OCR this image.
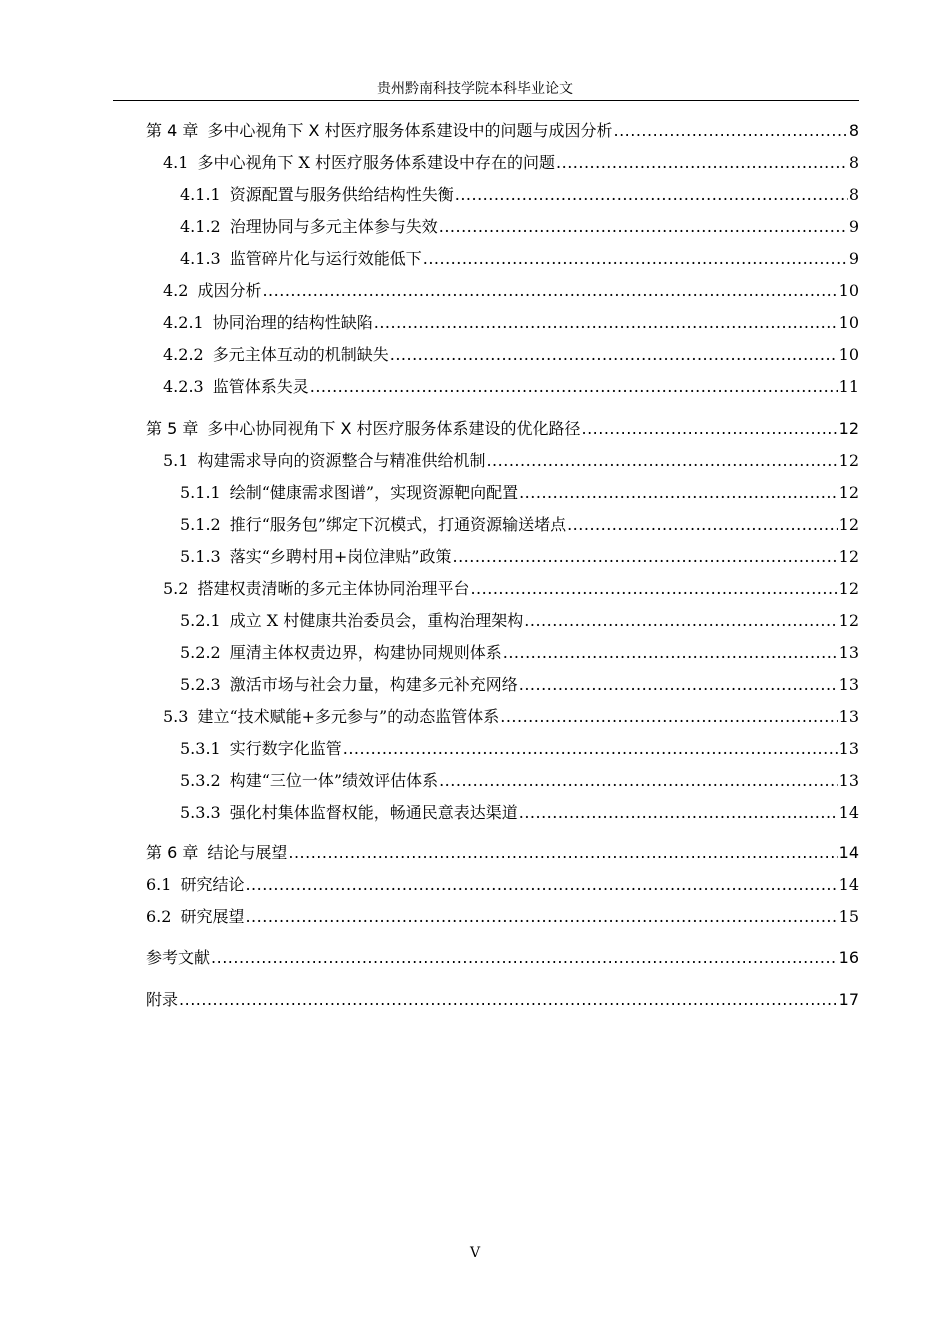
贵州黔南科技学院本科毕业论文
第 4 章 多中心视角下 X 村医疗服务体系建设中的问题与成因分析 .....	8
4.1 多中心视角下 X 村医疗服务体系建设中存在的问题 .....	8
4.1.1 资源配置与服务供给结构性失衡 .....	8
4.1.2 治理协同与多元主体参与失效 .....	9
4.1.3 监管碎片化与运行效能低下 .....	9
4.2 成因分析 .....	10
4.2.1 协同治理的结构性缺陷 .....	10
4.2.2 多元主体互动的机制缺失 .....	10
4.2.3 监管体系失灵 .....	11
第 5 章 多中心协同视角下 X 村医疗服务体系建设的优化路径 .....	12
5.1 构建需求导向的资源整合与精准供给机制 .....	12
5.1.1 绘制“健康需求图谱”，实现资源靶向配置 .....	12
5.1.2 推行“服务包”绑定下沉模式，打通资源输送堵点 .....	12
5.1.3 落实“乡聘村用+岗位津贴”政策 .....	12
5.2 搭建权责清晰的多元主体协同治理平台 .....	12
5.2.1 成立 X 村健康共治委员会，重构治理架构 .....	12
5.2.2 厘清主体权责边界，构建协同规则体系 .....	13
5.2.3 激活市场与社会力量，构建多元补充网络 .....	13
5.3 建立“技术赋能+多元参与”的动态监管体系 .....	13
5.3.1 实行数字化监管 .....	13
5.3.2 构建“三位一体”绩效评估体系 .....	13
5.3.3 强化村集体监督权能，畅通民意表达渠道 .....	14
第 6 章 结论与展望 .....	14
6.1 研究结论 .....	14
6.2 研究展望 .....	15
参考文献 .....	16
附录 .....	17
V
